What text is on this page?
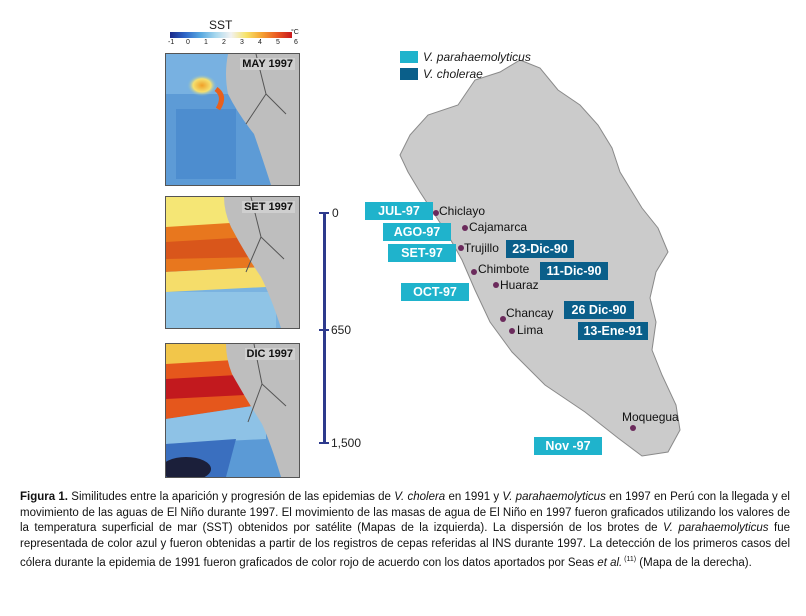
SST
°C
-1 0 1 2 3 4 5 6
MAY 1997
SET 1997
DIC 1997
0
650
1,500
V. parahaemolyticus
V. cholerae
JUL-97
AGO-97
SET-97
OCT-97
Nov -97
23-Dic-90
11-Dic-90
26 Dic-90
13-Ene-91
Chiclayo
Cajamarca
Trujillo
Chimbote
Huaraz
Chancay
Lima
Moquegua
Figura 1. Similitudes entre la aparición y progresión de las epidemias de V. cholera en 1991 y V. parahaemolyticus en 1997 en Perú con la llegada y el movimiento de las aguas de El Niño durante 1997. El movimiento de las masas de agua de El Niño en 1997 fueron graficados utilizando los valores de la temperatura superficial de mar (SST) obtenidos por satélite (Mapas de la izquierda). La dispersión de los brotes de V. parahaemolyticus fue representada de color azul y fueron obtenidas a partir de los registros de cepas referidas al INS durante 1997. La detección de los primeros casos del cólera durante la epidemia de 1991 fueron graficados de color rojo de acuerdo con los datos aportados por Seas et al. $^{(11)}$ (Mapa de la derecha).
